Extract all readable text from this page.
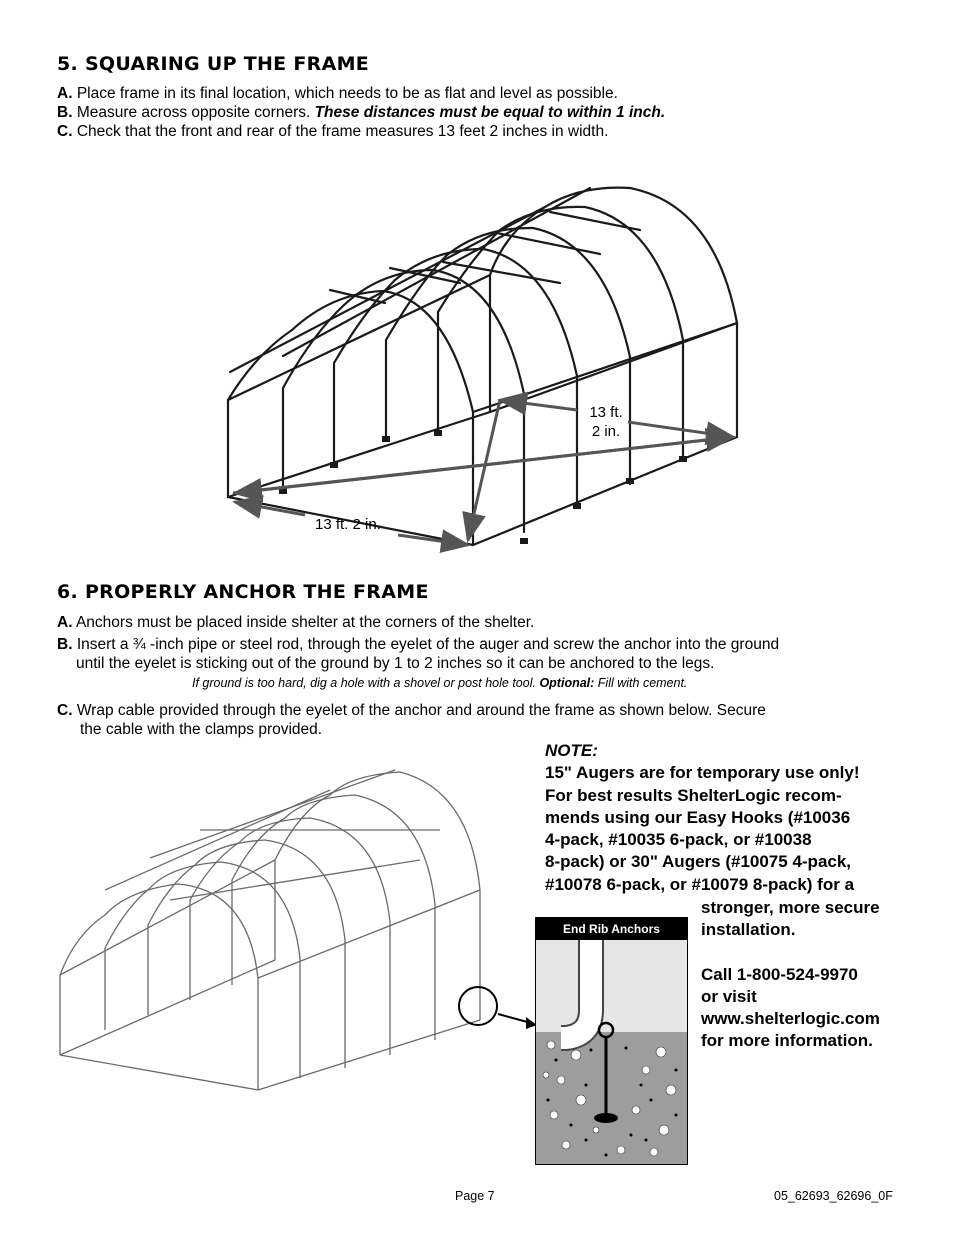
5. SQUARING UP THE FRAME
A. Place frame in its final location, which needs to be as flat and level as possible.
B. Measure across opposite corners. These distances must be equal to within 1 inch.
C. Check that the front and rear of the frame measures 13 feet 2 inches in width.
13 ft.
2 in.
13 ft. 2 in.
6. PROPERLY ANCHOR THE FRAME
A. Anchors must be placed inside shelter at the corners of the shelter.
B. Insert a ¾ -inch pipe or steel rod, through the eyelet of the auger and screw the anchor into the ground
until the eyelet is sticking out of the ground by 1 to 2 inches so it can be anchored to the legs.
If ground is too hard, dig a hole with a shovel or post hole tool. Optional: Fill with cement.
C. Wrap cable provided through the eyelet of the anchor and around the frame as shown below. Secure
the cable with the clamps provided.
NOTE:
15" Augers are for temporary use only!
For best results ShelterLogic recom-
mends using our Easy Hooks (#10036
4-pack, #10035 6-pack, or #10038
8-pack) or 30" Augers (#10075 4-pack,
#10078 6-pack, or #10079 8-pack) for a
stronger, more secure
installation.
Call 1-800-524-9970
or visit
www.shelterlogic.com
for more information.
End Rib Anchors
Page 7	05_62693_62696_0F
